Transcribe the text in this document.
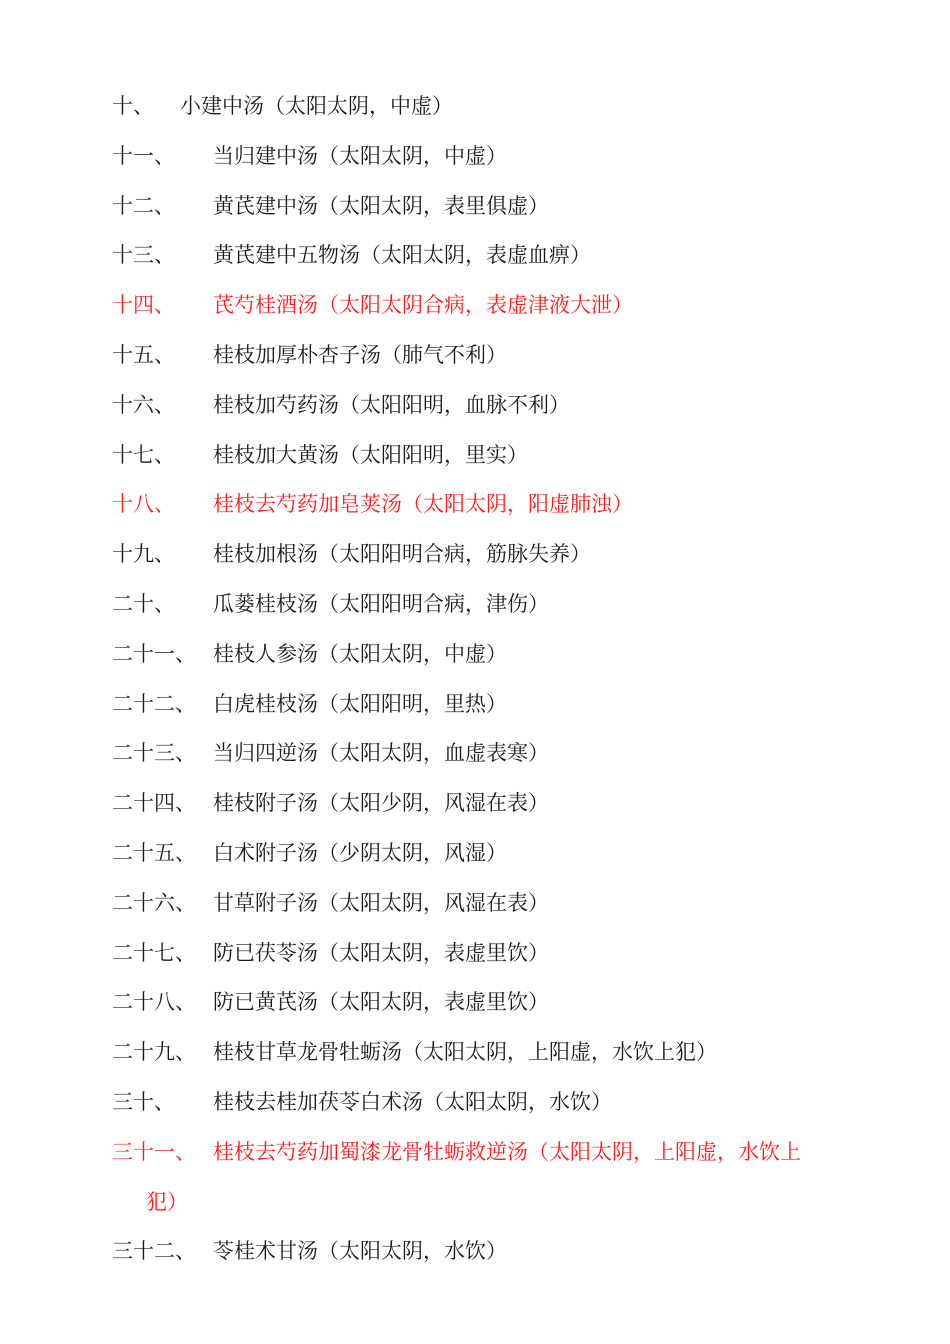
十、	小建中汤（太阳太阴，中虚）
十一、	当归建中汤（太阳太阴，中虚）
十二、	黄芪建中汤（太阳太阴，表里俱虚）
十三、	黄芪建中五物汤（太阳太阴，表虚血痹）
十四、	芪芍桂酒汤（太阳太阴合病，表虚津液大泄）
十五、	桂枝加厚朴杏子汤（肺气不利）
十六、	桂枝加芍药汤（太阳阳明，血脉不利）
十七、	桂枝加大黄汤（太阳阳明，里实）
十八、	桂枝去芍药加皂荚汤（太阳太阴，阳虚肺浊）
十九、	桂枝加根汤（太阳阳明合病，筋脉失养）
二十、	瓜蒌桂枝汤（太阳阳明合病，津伤）
二十一、 桂枝人参汤（太阳太阴，中虚）
二十二、 白虎桂枝汤（太阳阳明，里热）
二十三、 当归四逆汤（太阳太阴，血虚表寒）
二十四、 桂枝附子汤（太阳少阴，风湿在表）
二十五、 白术附子汤（少阴太阴，风湿）
二十六、 甘草附子汤（太阳太阴，风湿在表）
二十七、 防已茯苓汤（太阳太阴，表虚里饮）
二十八、 防已黄芪汤（太阳太阴，表虚里饮）
二十九、 桂枝甘草龙骨牡蛎汤（太阳太阴，上阳虚，水饮上犯）
三十、	桂枝去桂加茯苓白术汤（太阳太阴，水饮）
三十一、 桂枝去芍药加蜀漆龙骨牡蛎救逆汤（太阳太阴，上阳虚，水饮上
犯）
三十二、 苓桂术甘汤（太阳太阴，水饮）
